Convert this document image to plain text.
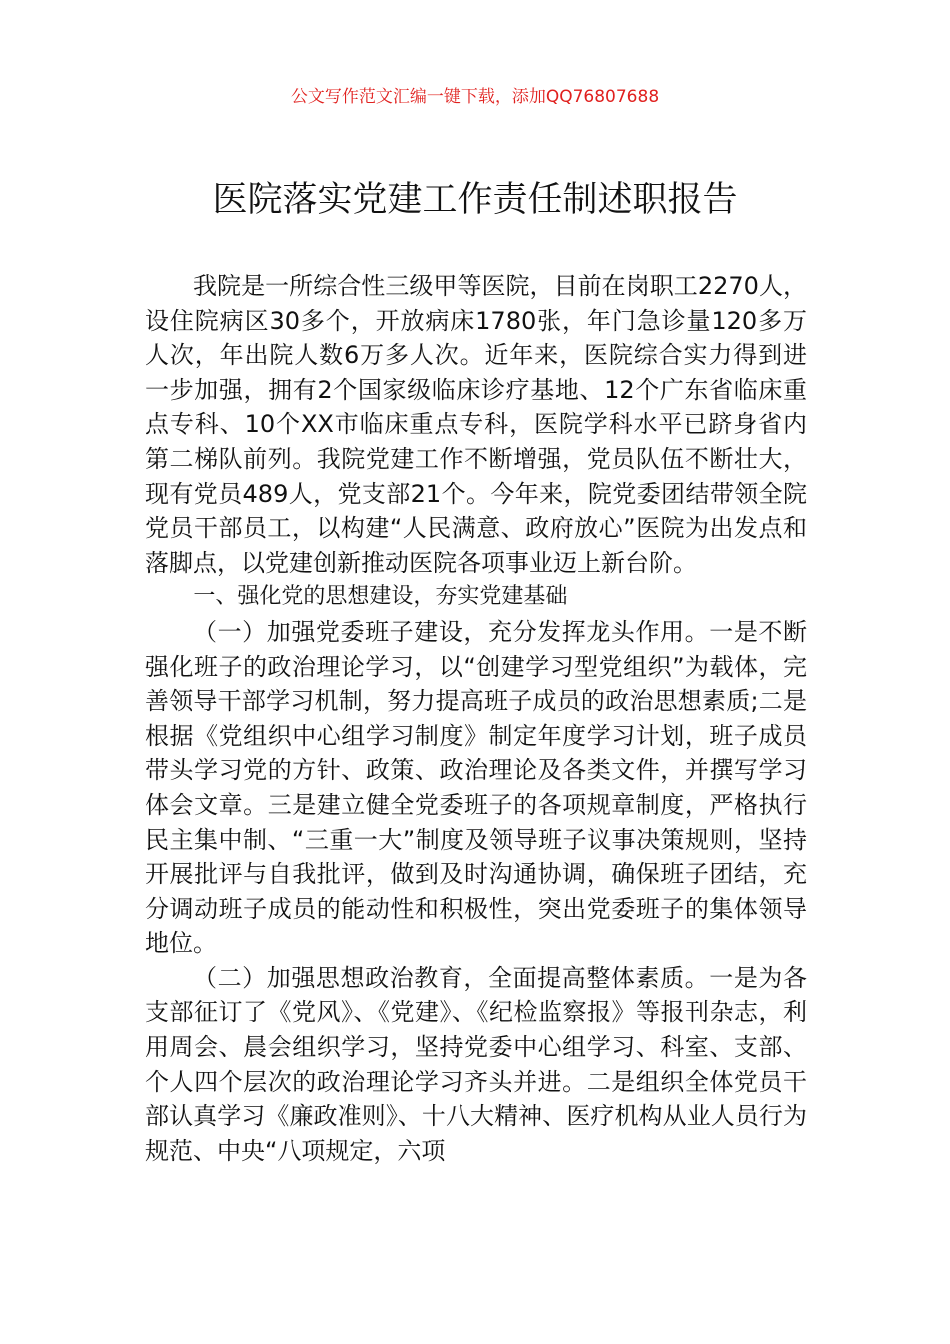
公文写作范文汇编一键下载，添加QQ76807688
医院落实党建工作责任制述职报告

我院是一所综合性三级甲等医院，目前在岗职工2270人，设住院病区30多个，开放病床1780张，年门急诊量120多万人次，年出院人数6万多人次。近年来，医院综合实力得到进一步加强，拥有2个国家级临床诊疗基地、12个广东省临床重点专科、10个XX市临床重点专科，医院学科水平已跻身省内第二梯队前列。我院党建工作不断增强，党员队伍不断壮大，现有党员489人，党支部21个。今年来，院党委团结带领全院党员干部员工，以构建“人民满意、政府放心”医院为出发点和落脚点，以党建创新推动医院各项事业迈上新台阶。

一、强化党的思想建设，夯实党建基础

（一）加强党委班子建设，充分发挥龙头作用。一是不断强化班子的政治理论学习，以“创建学习型党组织”为载体，完善领导干部学习机制，努力提高班子成员的政治思想素质;二是根据《党组织中心组学习制度》制定年度学习计划，班子成员带头学习党的方针、政策、政治理论及各类文件，并撰写学习体会文章。三是建立健全党委班子的各项规章制度，严格执行民主集中制、“三重一大”制度及领导班子议事决策规则，坚持开展批评与自我批评，做到及时沟通协调，确保班子团结，充分调动班子成员的能动性和积极性，突出党委班子的集体领导地位。

（二）加强思想政治教育，全面提高整体素质。一是为各支部征订了《党风》、《党建》、《纪检监察报》等报刊杂志，利用周会、晨会组织学习，坚持党委中心组学习、科室、支部、个人四个层次的政治理论学习齐头并进。二是组织全体党员干部认真学习《廉政准则》、十八大精神、医疗机构从业人员行为规范、中央“八项规定，六项
